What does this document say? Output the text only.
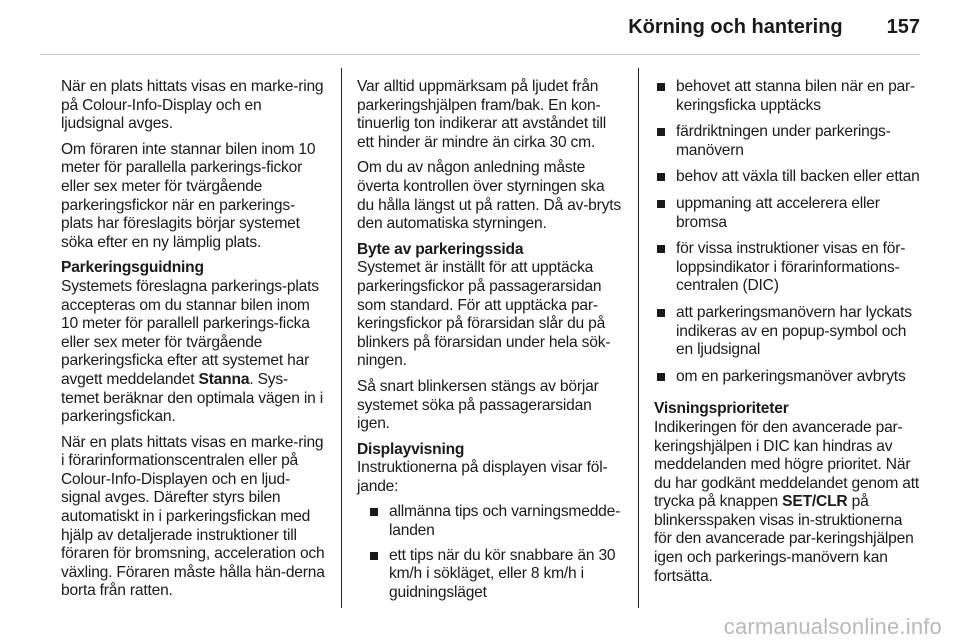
Körning och hantering 157

När en plats hittats visas en marke-ring på Colour-Info-Display och en ljudsignal avges.

Om föraren inte stannar bilen inom 10 meter för parallella parkerings-fickor eller sex meter för tvärgående parkeringsfickor när en parkerings-plats har föreslagits börjar systemet söka efter en ny lämplig plats.

Parkeringsguidning

Systemets föreslagna parkerings-plats accepteras om du stannar bilen inom 10 meter för parallell parkerings-ficka eller sex meter för tvärgående parkeringsficka efter att systemet har avgett meddelandet Stanna. Sys-temet beräknar den optimala vägen in i parkeringsfickan.

När en plats hittats visas en marke-ring i förarinformationscentralen eller på Colour-Info-Displayen och en ljud-signal avges. Därefter styrs bilen automatiskt in i parkeringsfickan med hjälp av detaljerade instruktioner till föraren för bromsning, acceleration och växling. Föraren måste hålla hän-derna borta från ratten.

Var alltid uppmärksam på ljudet från parkeringshjälpen fram/bak. En kon-tinuerlig ton indikerar att avståndet till ett hinder är mindre än cirka 30 cm.

Om du av någon anledning måste överta kontrollen över styrningen ska du hålla längst ut på ratten. Då av-bryts den automatiska styrningen.

Byte av parkeringssida

Systemet är inställt för att upptäcka parkeringsfickor på passagerarsidan som standard. För att upptäcka par-keringsfickor på förarsidan slår du på blinkers på förarsidan under hela sök-ningen.

Så snart blinkersen stängs av börjar systemet söka på passagerarsidan igen.

Displayvisning

Instruktionerna på displayen visar föl-jande:

allmänna tips och varningsmedde-landen
ett tips när du kör snabbare än 30 km/h i sökläget, eller 8 km/h i guidningsläget
behovet att stanna bilen när en par-keringsficka upptäcks
färdriktningen under parkerings-manövern
behov att växla till backen eller ettan
uppmaning att accelerera eller bromsa
för vissa instruktioner visas en för-loppsindikator i förarinformations-centralen (DIC)
att parkeringsmanövern har lyckats indikeras av en popup-symbol och en ljudsignal
om en parkeringsmanöver avbryts
Visningsprioriteter

Indikeringen för den avancerade par-keringshjälpen i DIC kan hindras av meddelanden med högre prioritet. När du har godkänt meddelandet genom att trycka på knappen SET/CLR på blinkersspaken visas in-struktionerna för den avancerade par-keringshjälpen igen och parkerings-manövern kan fortsätta.

carmanualsonline.info
